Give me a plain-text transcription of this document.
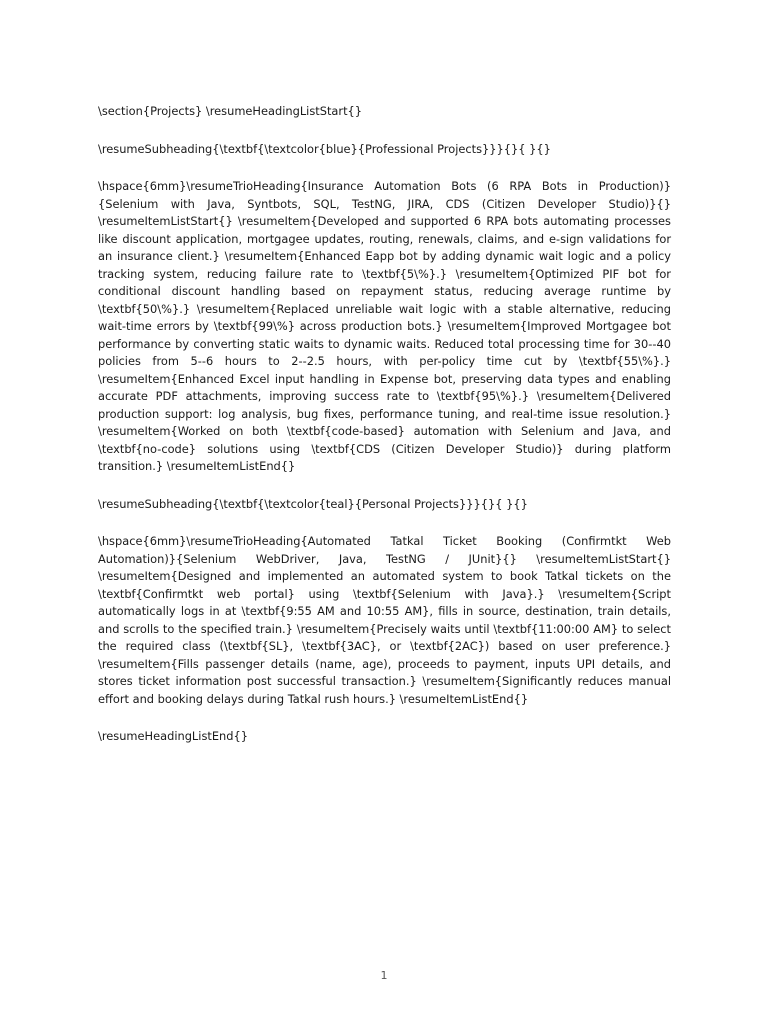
\section{Projects} \resumeHeadingListStart{}

\resumeSubheading{\textbf{\textcolor{blue}{Professional Projects}}}{}{ }{}

\hspace{6mm}\resumeTrioHeading{Insurance Automation Bots (6 RPA Bots in Production)}{Selenium with Java, Syntbots, SQL, TestNG, JIRA, CDS (Citizen Developer Studio)}{} \resumeItemListStart{} \resumeItem{Developed and supported 6 RPA bots automating processes like discount application, mortgagee updates, routing, renewals, claims, and e-sign validations for an insurance client.} \resumeItem{Enhanced Eapp bot by adding dynamic wait logic and a policy tracking system, reducing failure rate to \textbf{5\%}.} \resumeItem{Optimized PIF bot for conditional discount handling based on repayment status, reducing average runtime by \textbf{50\%}.} \resumeItem{Replaced unreliable wait logic with a stable alternative, reducing wait-time errors by \textbf{99\%} across production bots.} \resumeItem{Improved Mortgagee bot performance by converting static waits to dynamic waits. Reduced total processing time for 30--40 policies from 5--6 hours to 2--2.5 hours, with per-policy time cut by \textbf{55\%}.} \resumeItem{Enhanced Excel input handling in Expense bot, preserving data types and enabling accurate PDF attachments, improving success rate to \textbf{95\%}.} \resumeItem{Delivered production support: log analysis, bug fixes, performance tuning, and real-time issue resolution.} \resumeItem{Worked on both \textbf{code-based} automation with Selenium and Java, and \textbf{no-code} solutions using \textbf{CDS (Citizen Developer Studio)} during platform transition.} \resumeItemListEnd{}

\resumeSubheading{\textbf{\textcolor{teal}{Personal Projects}}}{}{ }{}

\hspace{6mm}\resumeTrioHeading{Automated Tatkal Ticket Booking (Confirmtkt Web Automation)}{Selenium WebDriver, Java, TestNG / JUnit}{} \resumeItemListStart{} \resumeItem{Designed and implemented an automated system to book Tatkal tickets on the \textbf{Confirmtkt web portal} using \textbf{Selenium with Java}.} \resumeItem{Script automatically logs in at \textbf{9:55 AM and 10:55 AM}, fills in source, destination, train details, and scrolls to the specified train.} \resumeItem{Precisely waits until \textbf{11:00:00 AM} to select the required class (\textbf{SL}, \textbf{3AC}, or \textbf{2AC}) based on user preference.} \resumeItem{Fills passenger details (name, age), proceeds to payment, inputs UPI details, and stores ticket information post successful transaction.} \resumeItem{Significantly reduces manual effort and booking delays during Tatkal rush hours.} \resumeItemListEnd{}

\resumeHeadingListEnd{}

1
